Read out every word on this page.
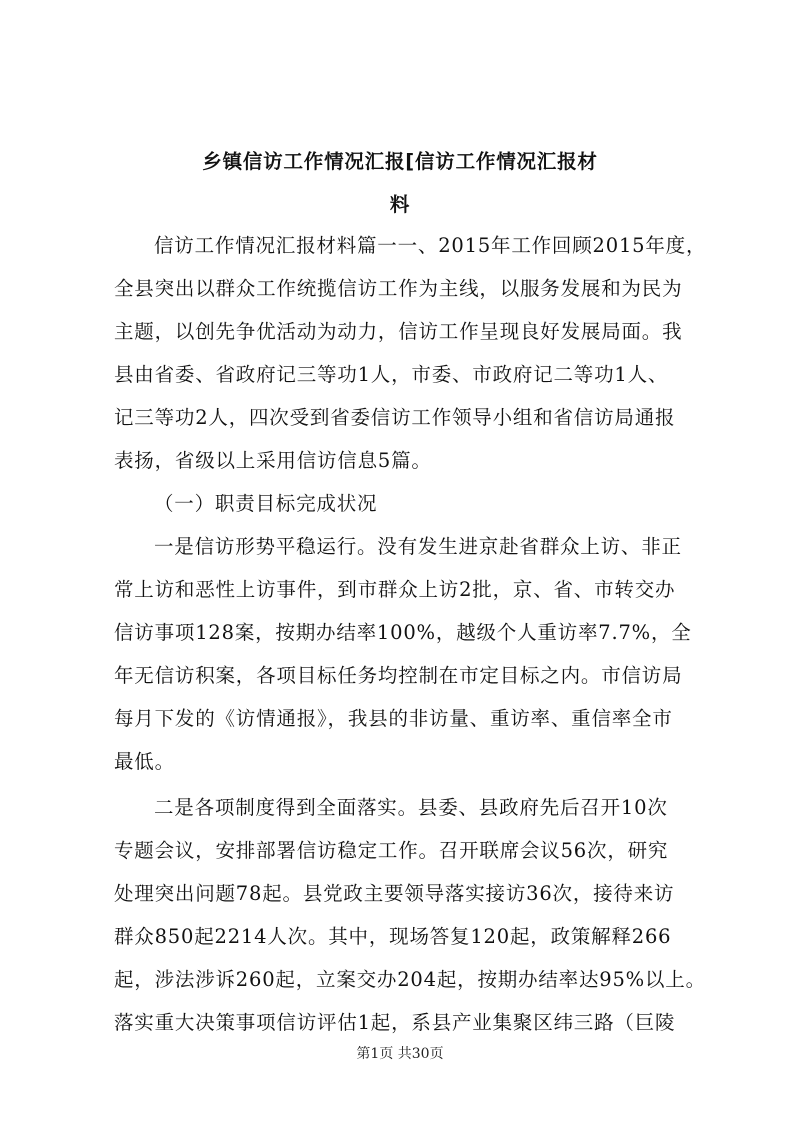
乡镇信访工作情况汇报[信访工作情况汇报材
料
信访工作情况汇报材料篇一一、2015年工作回顾2015年度，
全县突出以群众工作统揽信访工作为主线，以服务发展和为民为
主题，以创先争优活动为动力，信访工作呈现良好发展局面。我
县由省委、省政府记三等功1人，市委、市政府记二等功1人、
记三等功2人，四次受到省委信访工作领导小组和省信访局通报
表扬，省级以上采用信访信息5篇。
（一）职责目标完成状况
一是信访形势平稳运行。没有发生进京赴省群众上访、非正
常上访和恶性上访事件，到市群众上访2批，京、省、市转交办
信访事项128案，按期办结率100%，越级个人重访率7.7%，全
年无信访积案，各项目标任务均控制在市定目标之内。市信访局
每月下发的《访情通报》，我县的非访量、重访率、重信率全市
最低。
二是各项制度得到全面落实。县委、县政府先后召开10次
专题会议，安排部署信访稳定工作。召开联席会议56次，研究
处理突出问题78起。县党政主要领导落实接访36次，接待来访
群众850起2214人次。其中，现场答复120起，政策解释266
起，涉法涉诉260起，立案交办204起，按期办结率达95%以上。
落实重大决策事项信访评估1起，系县产业集聚区纬三路（巨陵
第1页 共30页
